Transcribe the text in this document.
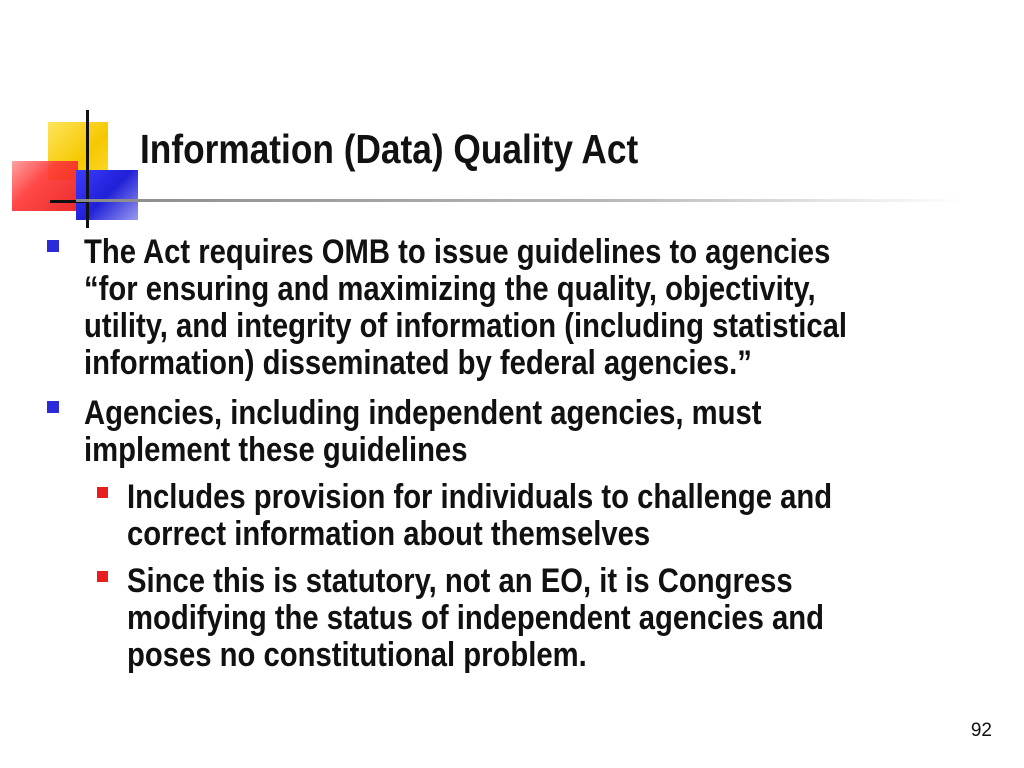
Information (Data) Quality Act

The Act requires OMB to issue guidelines to agencies
“for ensuring and maximizing the quality, objectivity,
utility, and integrity of information (including statistical
information) disseminated by federal agencies.”

Agencies, including independent agencies, must
implement these guidelines

Includes provision for individuals to challenge and
correct information about themselves

Since this is statutory, not an EO, it is Congress
modifying the status of independent agencies and
poses no constitutional problem.

92
